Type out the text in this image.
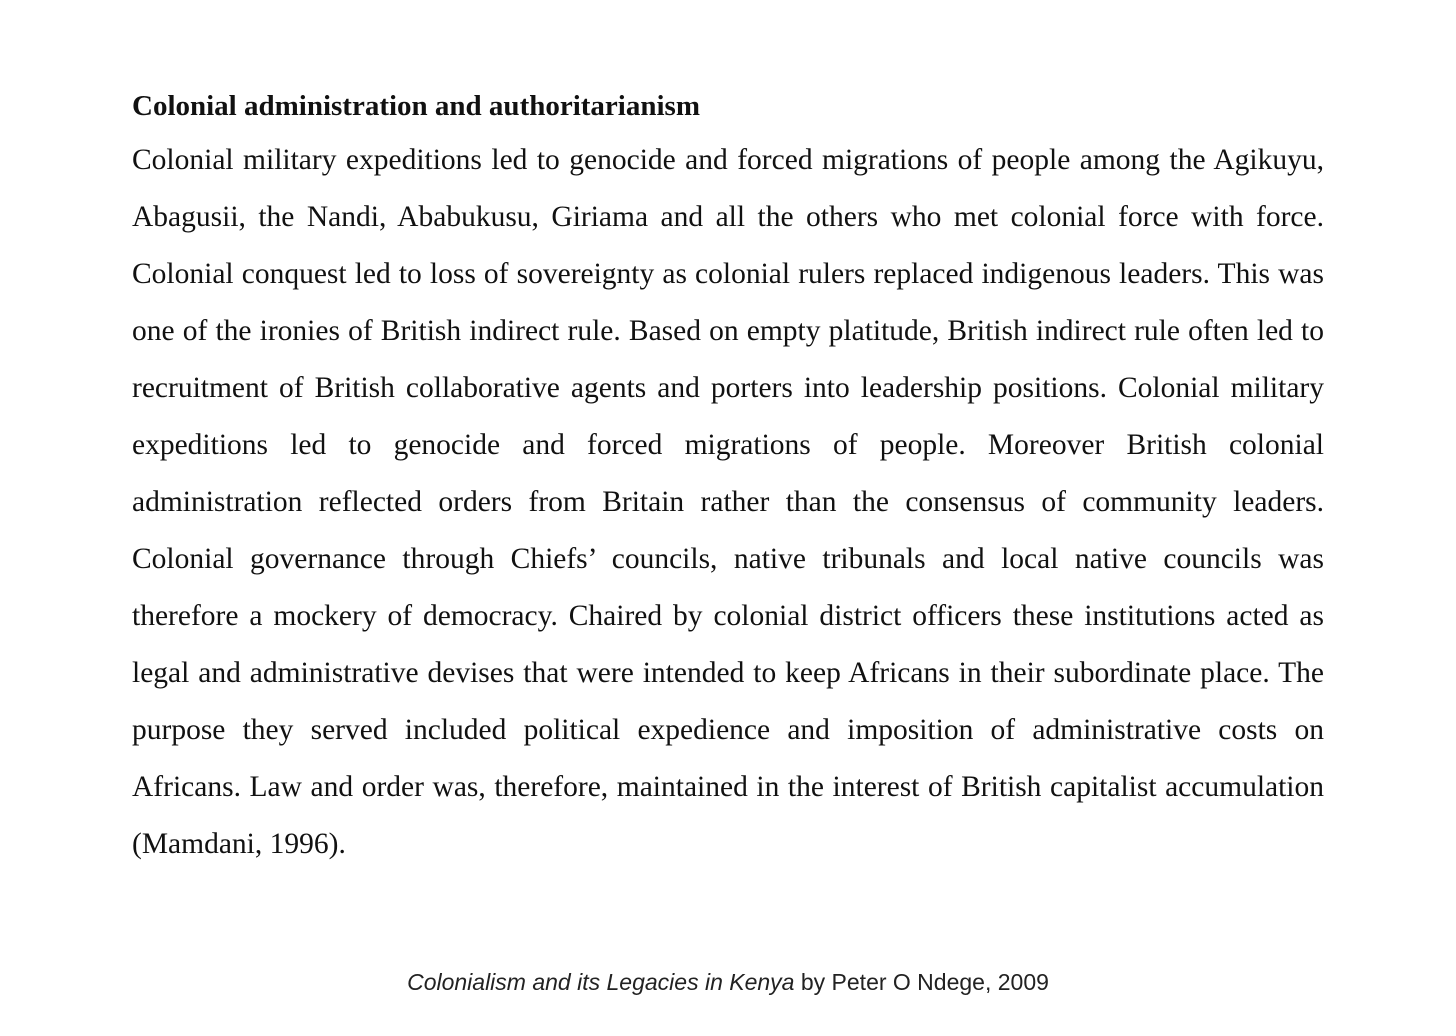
Colonial administration and authoritarianism

Colonial military expeditions led to genocide and forced migrations of people among the Agikuyu, Abagusii, the Nandi, Ababukusu, Giriama and all the others who met colonial force with force. Colonial conquest led to loss of sovereignty as colonial rulers replaced indigenous leaders. This was one of the ironies of British indirect rule. Based on empty platitude, British indirect rule often led to recruitment of British collaborative agents and porters into leadership positions. Colonial military expeditions led to genocide and forced migrations of people. Moreover British colonial administration reflected orders from Britain rather than the consensus of community leaders. Colonial governance through Chiefs’ councils, native tribunals and local native councils was therefore a mockery of democracy. Chaired by colonial district officers these institutions acted as legal and administrative devises that were intended to keep Africans in their subordinate place. The purpose they served included political expedience and imposition of administrative costs on Africans. Law and order was, therefore, maintained in the interest of British capitalist accumulation (Mamdani, 1996).

Colonialism and its Legacies in Kenya by Peter O Ndege, 2009
